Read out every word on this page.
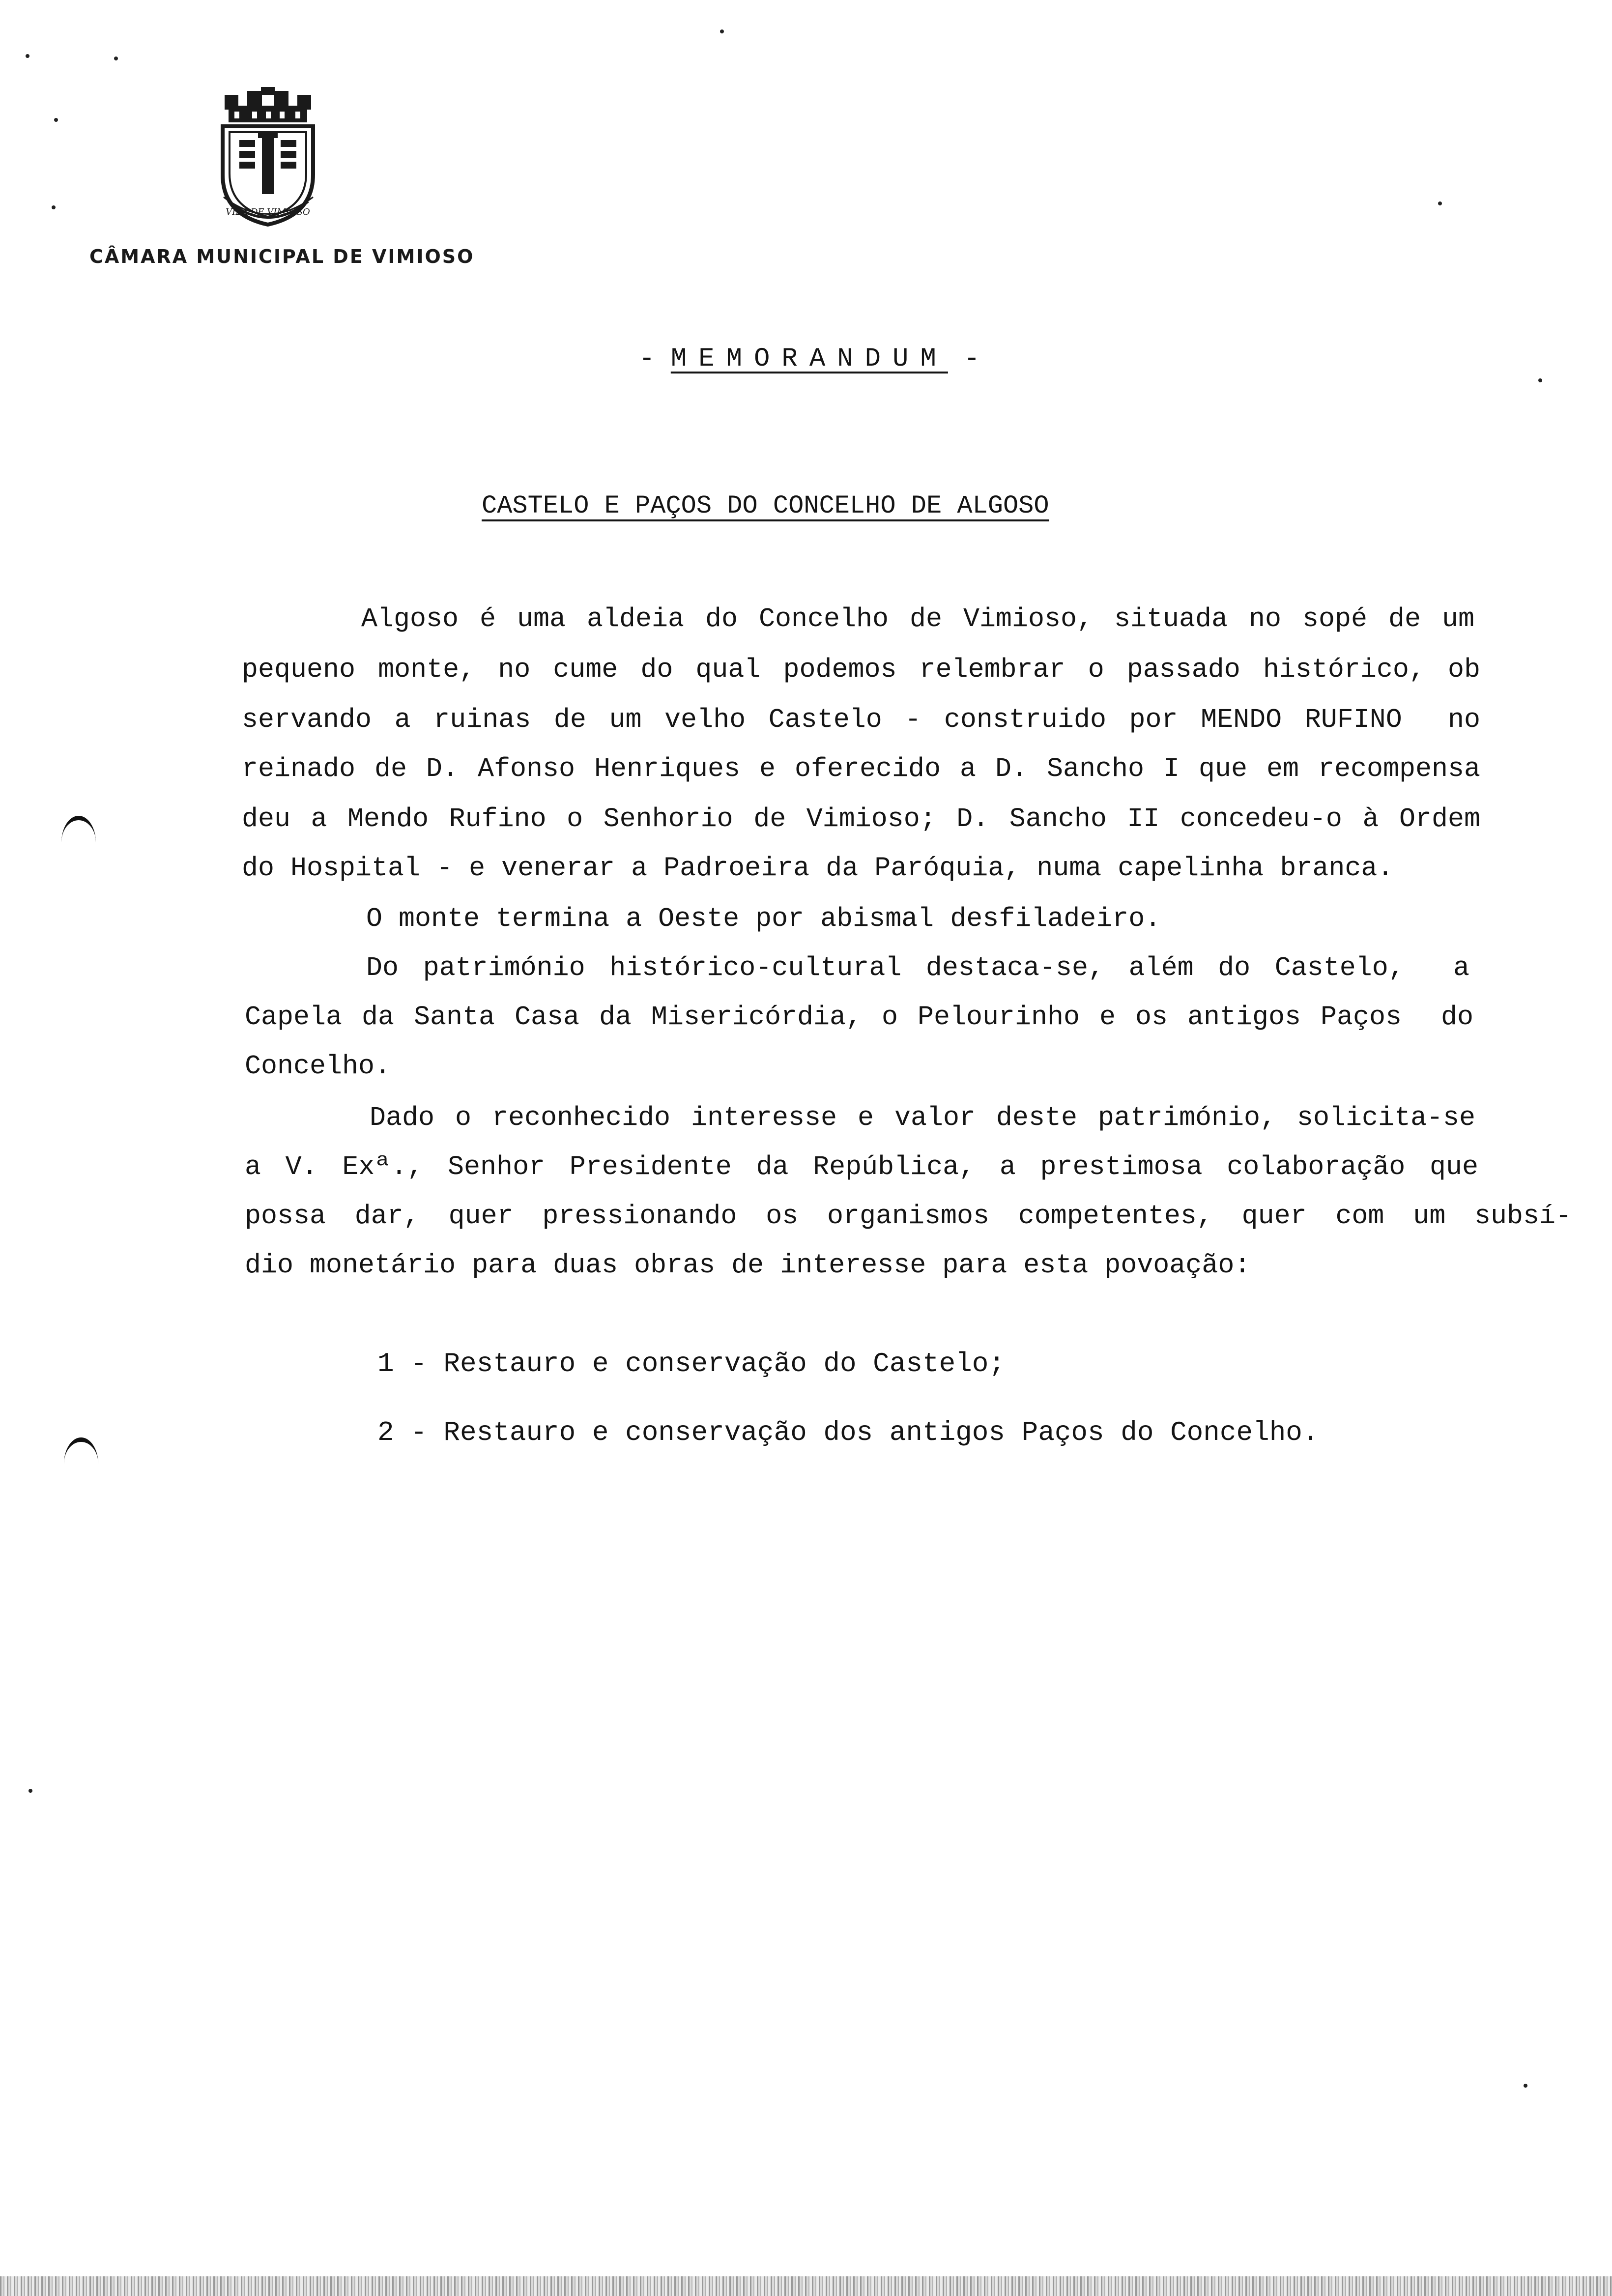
VILA DE VIMIOSO
CÂMARA MUNICIPAL DE VIMIOSO
- MEMORANDUM -
CASTELO E PAÇOS DO CONCELHO DE ALGOSO
Algoso é uma aldeia do Concelho de Vimioso, situada no sopé de um
pequeno monte, no cume do qual podemos relembrar o passado histórico, ob
servando a ruinas de um velho Castelo - construido por MENDO RUFINO  no
reinado de D. Afonso Henriques e oferecido a D. Sancho I que em recompensa
deu a Mendo Rufino o Senhorio de Vimioso; D. Sancho II concedeu-o à Ordem
do Hospital - e venerar a Padroeira da Paróquia, numa capelinha branca.
O monte termina a Oeste por abismal desfiladeiro.
Do património histórico-cultural destaca-se, além do Castelo,  a
Capela da Santa Casa da Misericórdia, o Pelourinho e os antigos Paços  do
Concelho.
Dado o reconhecido interesse e valor deste património, solicita-se
a V. Exª., Senhor Presidente da República, a prestimosa colaboração que
possa dar, quer pressionando os organismos competentes, quer com um subsí-
dio monetário para duas obras de interesse para esta povoação:
1 - Restauro e conservação do Castelo;
2 - Restauro e conservação dos antigos Paços do Concelho.
